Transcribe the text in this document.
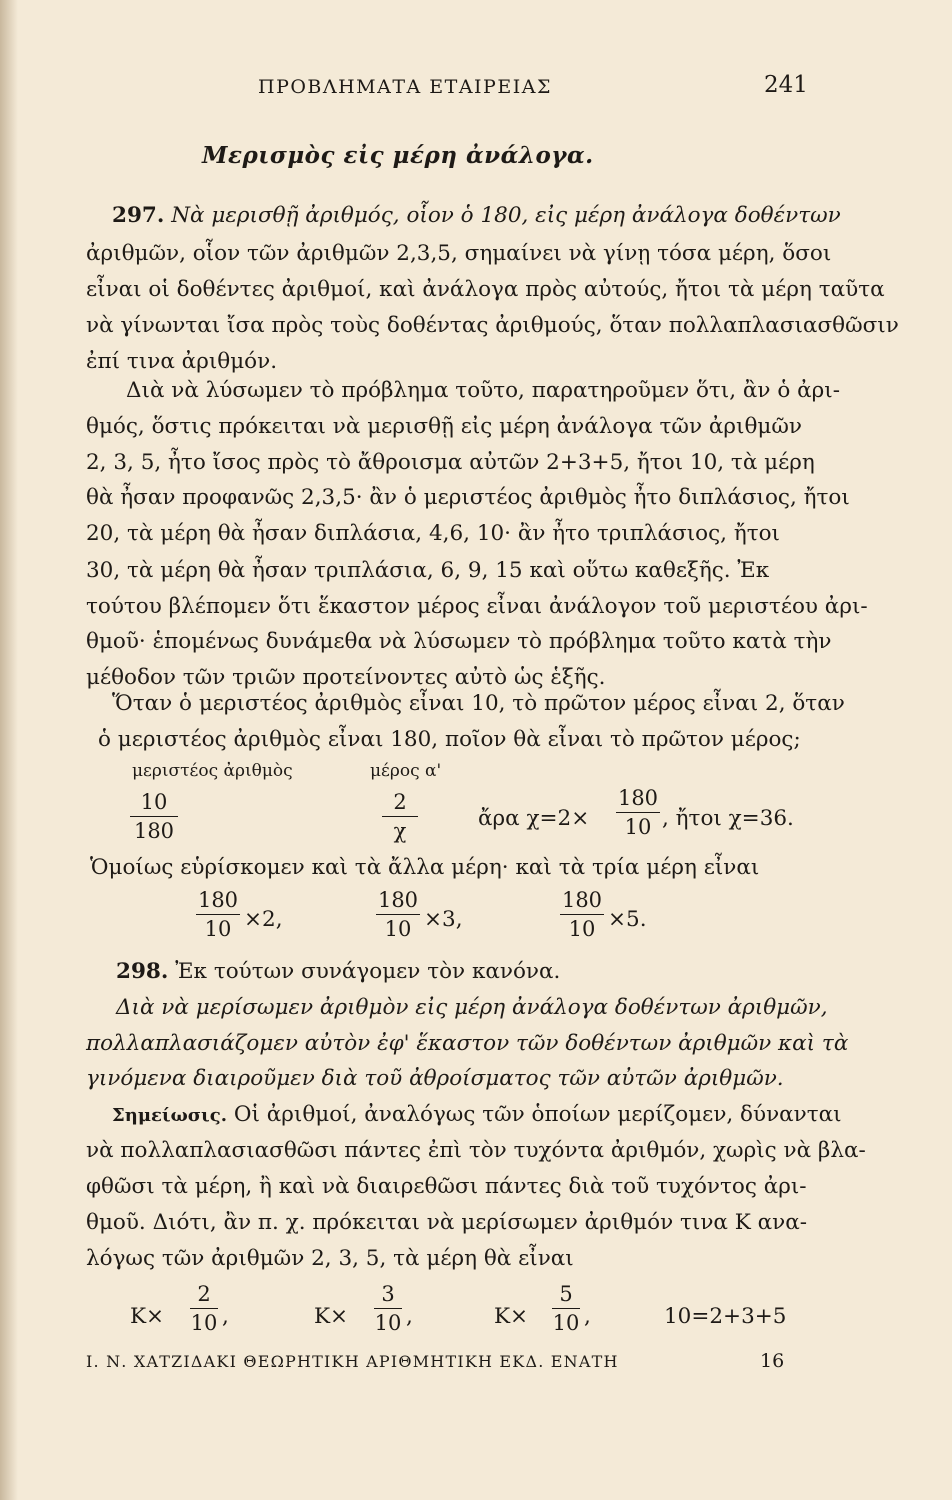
ΠΡΟΒΛΗΜΑΤΑ ΕΤΑΙΡΕΙΑΣ	241
Μερισμὸς εἰς μέρη ἀνάλογα.
297. Νὰ μερισθῇ ἀριθμός, οἷον ὁ 180, εἰς μέρη ἀνάλογα δοθέντων
ἀριθμῶν, οἷον τῶν ἀριθμῶν 2,3,5, σημαίνει νὰ γίνῃ τόσα μέρη, ὅσοι
εἶναι οἱ δοθέντες ἀριθμοί, καὶ ἀνάλογα πρὸς αὐτούς, ἤτοι τὰ μέρη ταῦτα
νὰ γίνωνται ἴσα πρὸς τοὺς δοθέντας ἀριθμούς, ὅταν πολλαπλασιασθῶσιν
ἐπί τινα ἀριθμόν.
Διὰ νὰ λύσωμεν τὸ πρόβλημα τοῦτο, παρατηροῦμεν ὅτι, ἂν ὁ ἀρι-
θμός, ὅστις πρόκειται νὰ μερισθῇ εἰς μέρη ἀνάλογα τῶν ἀριθμῶν
2, 3, 5, ἦτο ἴσος πρὸς τὸ ἄθροισμα αὐτῶν 2+3+5, ἤτοι 10, τὰ μέρη
θὰ ἦσαν προφανῶς 2,3,5· ἂν ὁ μεριστέος ἀριθμὸς ἦτο διπλάσιος, ἤτοι
20, τὰ μέρη θὰ ἦσαν διπλάσια, 4,6, 10· ἂν ἦτο τριπλάσιος, ἤτοι
30, τὰ μέρη θὰ ἦσαν τριπλάσια, 6, 9, 15 καὶ οὕτω καθεξῆς. Ἐκ
τούτου βλέπομεν ὅτι ἕκαστον μέρος εἶναι ἀνάλογον τοῦ μεριστέου ἀρι-
θμοῦ· ἑπομένως δυνάμεθα νὰ λύσωμεν τὸ πρόβλημα τοῦτο κατὰ τὴν
μέθοδον τῶν τριῶν προτείνοντες αὐτὸ ὡς ἑξῆς.
Ὅταν ὁ μεριστέος ἀριθμὸς εἶναι 10, τὸ πρῶτον μέρος εἶναι 2, ὅταν
ὁ μεριστέος ἀριθμὸς εἶναι 180, ποῖον θὰ εἶναι τὸ πρῶτον μέρος;
μεριστέος ἀριθμὸς	μέρος α'
10
180
2
χ	ἄρα χ=2×
180
10 , ἤτοι χ=36.
Ὁμοίως εὑρίσκομεν καὶ τὰ ἄλλα μέρη· καὶ τὰ τρία μέρη εἶναι
180
10 ×2,
180
10 ×3,
180
10 ×5.
298. Ἐκ τούτων συνάγομεν τὸν κανόνα.
Διὰ νὰ μερίσωμεν ἀριθμὸν εἰς μέρη ἀνάλογα δοθέντων ἀριθμῶν,
πολλαπλασιάζομεν αὐτὸν ἐφ' ἕκαστον τῶν δοθέντων ἀριθμῶν καὶ τὰ
γινόμενα διαιροῦμεν διὰ τοῦ ἀθροίσματος τῶν αὐτῶν ἀριθμῶν.
Σημείωσις. Οἱ ἀριθμοί, ἀναλόγως τῶν ὁποίων μερίζομεν, δύνανται
νὰ πολλαπλασιασθῶσι πάντες ἐπὶ τὸν τυχόντα ἀριθμόν, χωρὶς νὰ βλα-
φθῶσι τὰ μέρη, ἢ καὶ νὰ διαιρεθῶσι πάντες διὰ τοῦ τυχόντος ἀρι-
θμοῦ. Διότι, ἂν π. χ. πρόκειται νὰ μερίσωμεν ἀριθμόν τινα Κ ανα-
λόγως τῶν ἀριθμῶν 2, 3, 5, τὰ μέρη θὰ εἶναι
Κ×
2
10 ,	Κ×
3
10 ,	Κ×
5
10 ,	10=2+3+5
Ι. Ν. ΧΑΤΖΙΔΑΚΙ ΘΕΩΡΗΤΙΚΗ ΑΡΙΘΜΗΤΙΚΗ ΕΚΔ. ΕΝΑΤΗ	16
